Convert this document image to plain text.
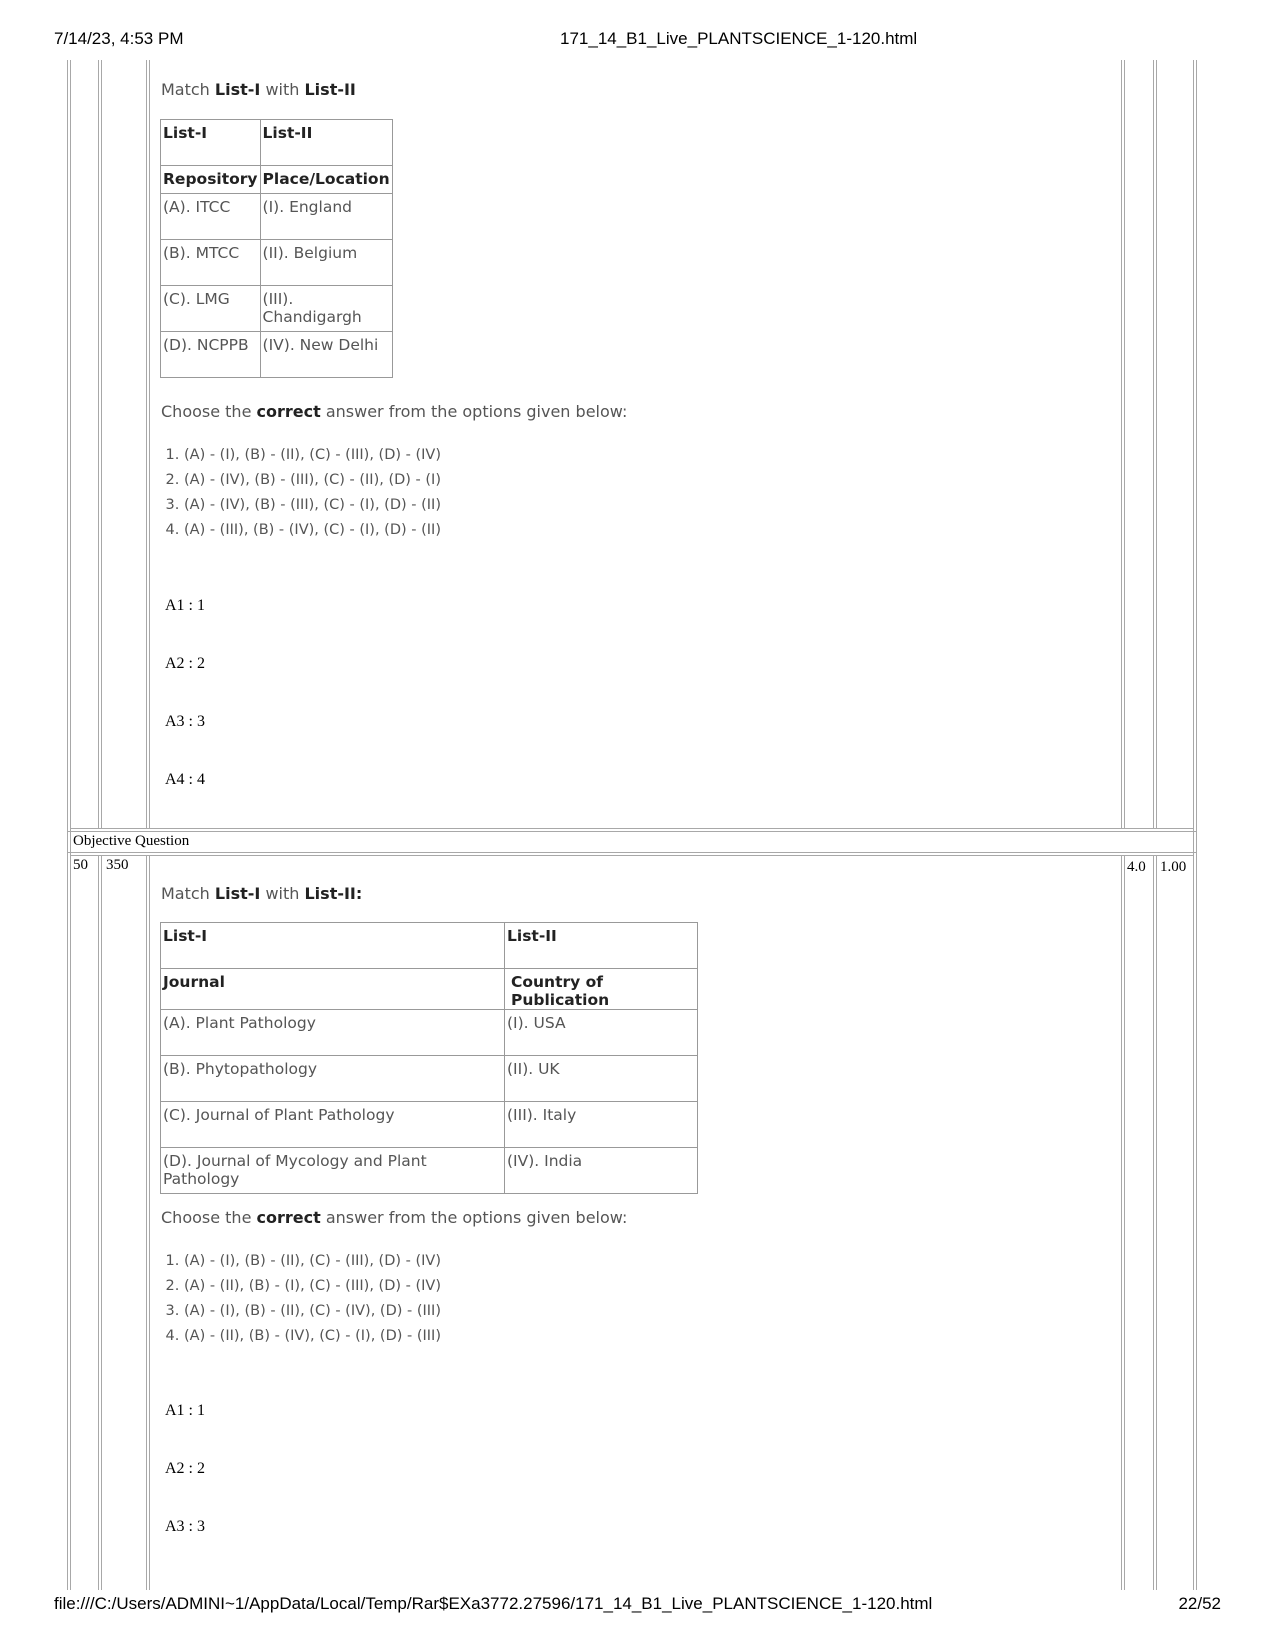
7/14/23, 4:53 PM	171_14_B1_Live_PLANTSCIENCE_1-120.html
file:///C:/Users/ADMINI~1/AppData/Local/Temp/Rar$EXa3772.27596/171_14_B1_Live_PLANTSCIENCE_1-120.html	22/52
Match List-I with List-II
List-I	List-II
Repository	Place/Location
(A). ITCC	(I). England
(B). MTCC	(II). Belgium
(C). LMG	(III). Chandigargh
(D). NCPPB	(IV). New Delhi
Choose the correct answer from the options given below:
1. (A) - (I), (B) - (II), (C) - (III), (D) - (IV)
2. (A) - (IV), (B) - (III), (C) - (II), (D) - (I)
3. (A) - (IV), (B) - (III), (C) - (I), (D) - (II)
4. (A) - (III), (B) - (IV), (C) - (I), (D) - (II)
A1 : 1
A2 : 2
A3 : 3
A4 : 4
Objective Question
50 350	4.0 1.00
Match List-I with List-II:
List-I	List-II
Journal	Country of Publication
(A). Plant Pathology	(I). USA
(B). Phytopathology	(II). UK
(C). Journal of Plant Pathology	(III). Italy
(D). Journal of Mycology and Plant Pathology	(IV). India
Choose the correct answer from the options given below:
1. (A) - (I), (B) - (II), (C) - (III), (D) - (IV)
2. (A) - (II), (B) - (I), (C) - (III), (D) - (IV)
3. (A) - (I), (B) - (II), (C) - (IV), (D) - (III)
4. (A) - (II), (B) - (IV), (C) - (I), (D) - (III)
A1 : 1
A2 : 2
A3 : 3
